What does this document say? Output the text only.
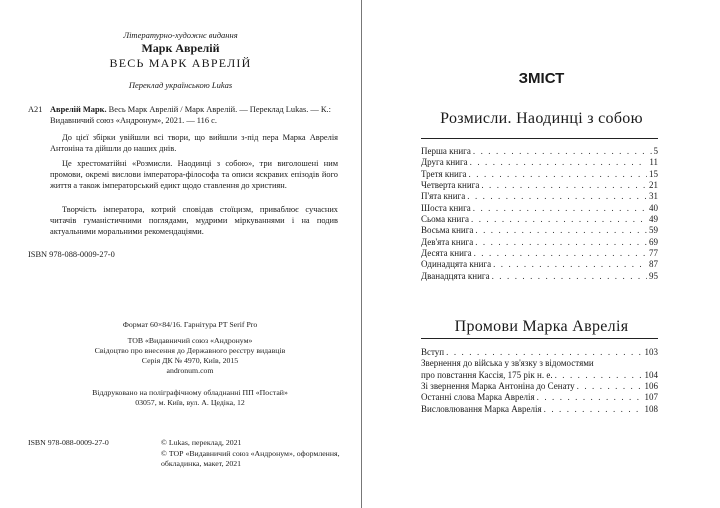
Літературно-художнє видання
Марк Аврелій
ВЕСЬ МАРК АВРЕЛІЙ
Переклад українською Lukas
А21 Аврелій Марк. Весь Марк Аврелій / Марк Аврелій. — Переклад Lukas. — К.: Видавничий союз «Андронум», 2021. — 116 с.

До цієї збірки увійшли всі твори, що вийшли з-під пера Марка Аврелія Антоніна та дійшли до наших днів.

Це хрестоматійні «Розмисли. Наодинці з собою», три виголошені ним промови, окремі вислови імператора-філософа та описи яскравих епізодів його життя а також імператорський едикт щодо ставлення до християн.

Творчість імператора, котрий сповідав стоїцизм, приваблює сучасних читачів гуманістичними поглядами, мудрими міркуваннями і на подив актуальними моральними рекомендаціями.

ISBN 978-088-0009-27-0
Формат 60×84/16. Гарнітура PT Serif Pro
ТОВ «Видавничий союз «Андронум»
Свідоцтво про внесення до Державного реєстру видавців
Серія ДК № 4970, Київ, 2015
andronum.com
Віддруковано на поліграфічному обладнанні ПП «Постай»
03057, м. Київ, вул. А. Цедіка, 12
ISBN 978-088-0009-27-0	© Lukas, переклад, 2021
© ТОР «Видавничий союз «Андронум», оформлення, обкладинка, макет, 2021
ЗМІСТ
Розмисли. Наодинці з собою
Перша книга . . .	5
Друга книга . . .	11
Третя книга . . .	15
Четверта книга . . .	21
П'ята книга . . .	31
Шоста книга . . .	40
Сьома книга . . .	49
Восьма книга . . .	59
Дев'ята книга . . .	69
Десята книга . . .	77
Одинадцята книга . . .	87
Дванадцята книга . . .	95
Промови Марка Аврелія
Вступ . . .	103
Звернення до війська у зв'язку з відомостями
про повстання Кассія, 175 рік н. е. . . .	104
Зі звернення Марка Антоніна до Сенату . . .	106
Останні слова Марка Аврелія . . .	107
Висловлювання Марка Аврелія . . .	108
